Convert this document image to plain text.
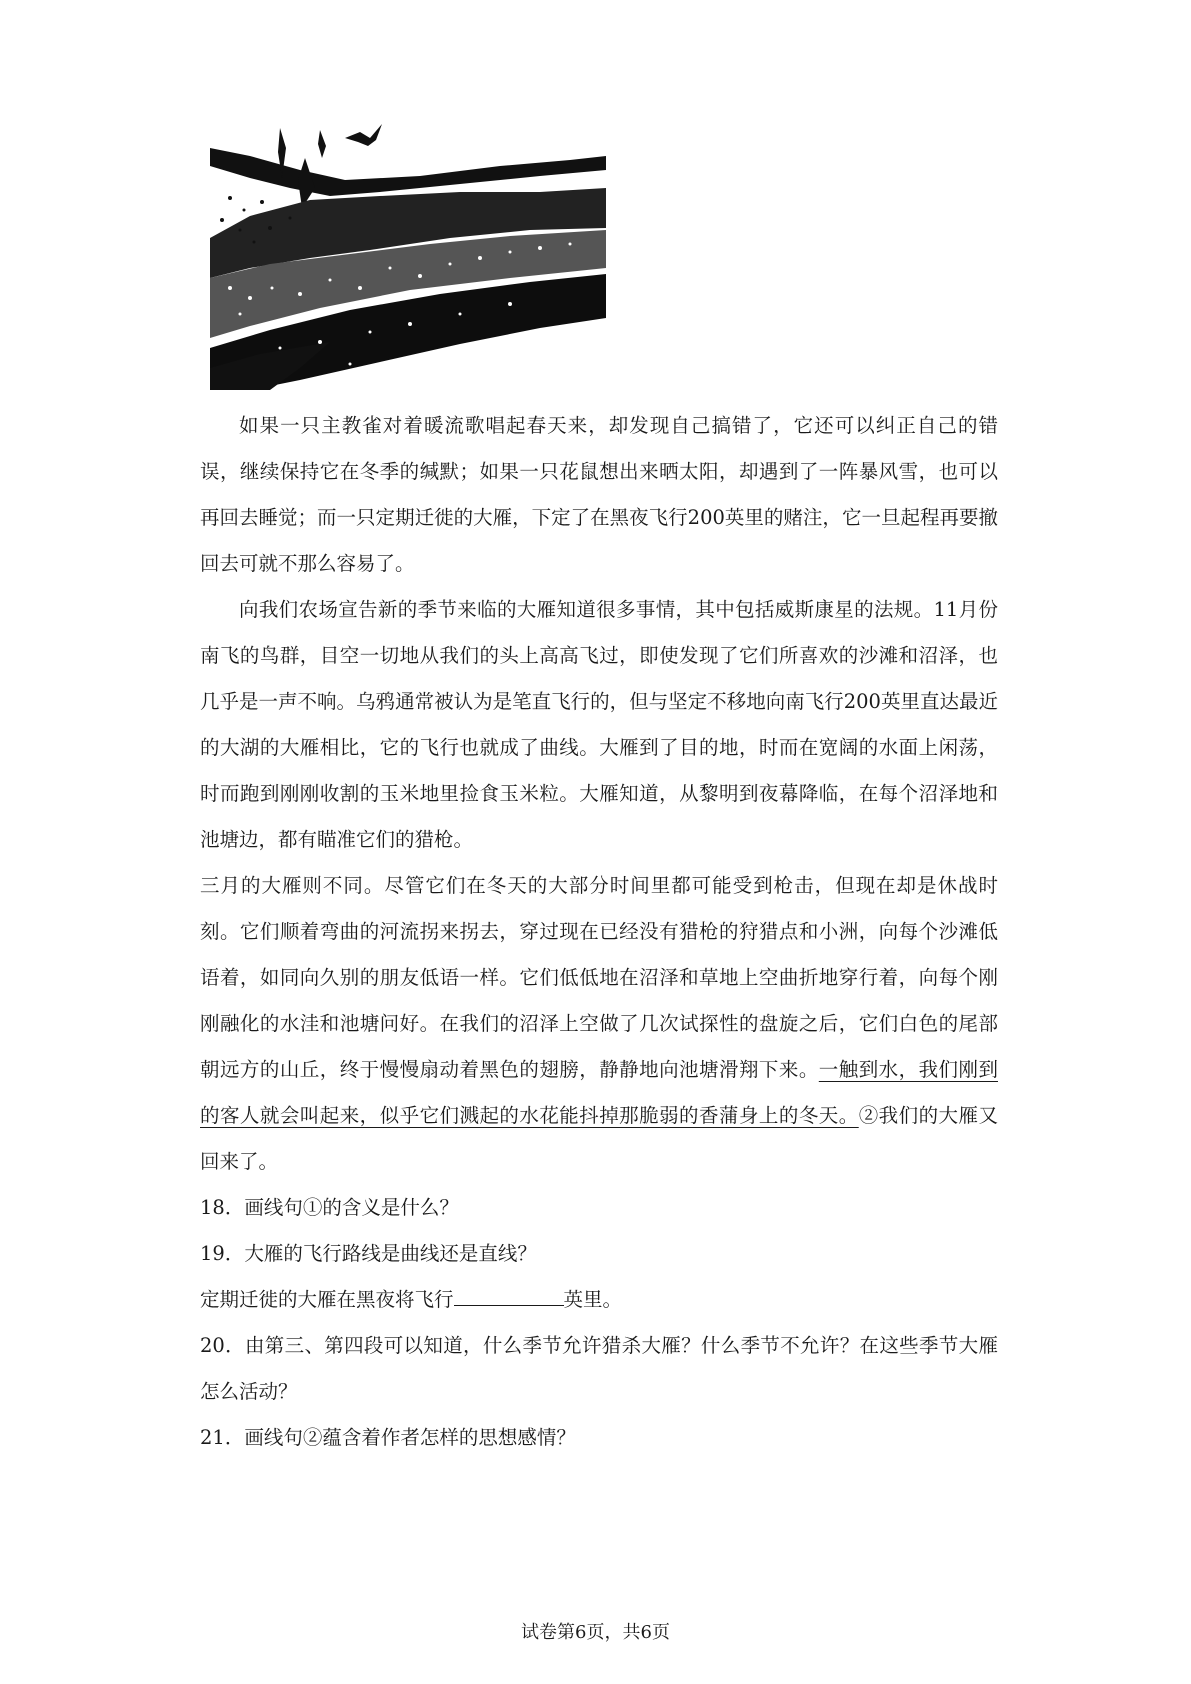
如果一只主教雀对着暖流歌唱起春天来，却发现自己搞错了，它还可以纠正自己的错误，继续保持它在冬季的缄默；如果一只花鼠想出来晒太阳，却遇到了一阵暴风雪，也可以再回去睡觉；而一只定期迁徙的大雁，下定了在黑夜飞行200英里的赌注，它一旦起程再要撤回去可就不那么容易了。

向我们农场宣告新的季节来临的大雁知道很多事情，其中包括威斯康星的法规。11月份南飞的鸟群，目空一切地从我们的头上高高飞过，即使发现了它们所喜欢的沙滩和沼泽，也几乎是一声不响。乌鸦通常被认为是笔直飞行的，但与坚定不移地向南飞行200英里直达最近的大湖的大雁相比，它的飞行也就成了曲线。大雁到了目的地，时而在宽阔的水面上闲荡，时而跑到刚刚收割的玉米地里捡食玉米粒。大雁知道，从黎明到夜幕降临，在每个沼泽地和池塘边，都有瞄准它们的猎枪。

三月的大雁则不同。尽管它们在冬天的大部分时间里都可能受到枪击，但现在却是休战时刻。它们顺着弯曲的河流拐来拐去，穿过现在已经没有猎枪的狩猎点和小洲，向每个沙滩低语着，如同向久别的朋友低语一样。它们低低地在沼泽和草地上空曲折地穿行着，向每个刚刚融化的水洼和池塘问好。在我们的沼泽上空做了几次试探性的盘旋之后，它们白色的尾部朝远方的山丘，终于慢慢扇动着黑色的翅膀，静静地向池塘滑翔下来。一触到水，我们刚到的客人就会叫起来，似乎它们溅起的水花能抖掉那脆弱的香蒲身上的冬天。②我们的大雁又回来了。

18．画线句①的含义是什么？

19．大雁的飞行路线是曲线还是直线？

定期迁徙的大雁在黑夜将飞行	英里。

20．由第三、第四段可以知道，什么季节允许猎杀大雁？什么季节不允许？在这些季节大雁怎么活动？

21．画线句②蕴含着作者怎样的思想感情？

试卷第6页，共6页
